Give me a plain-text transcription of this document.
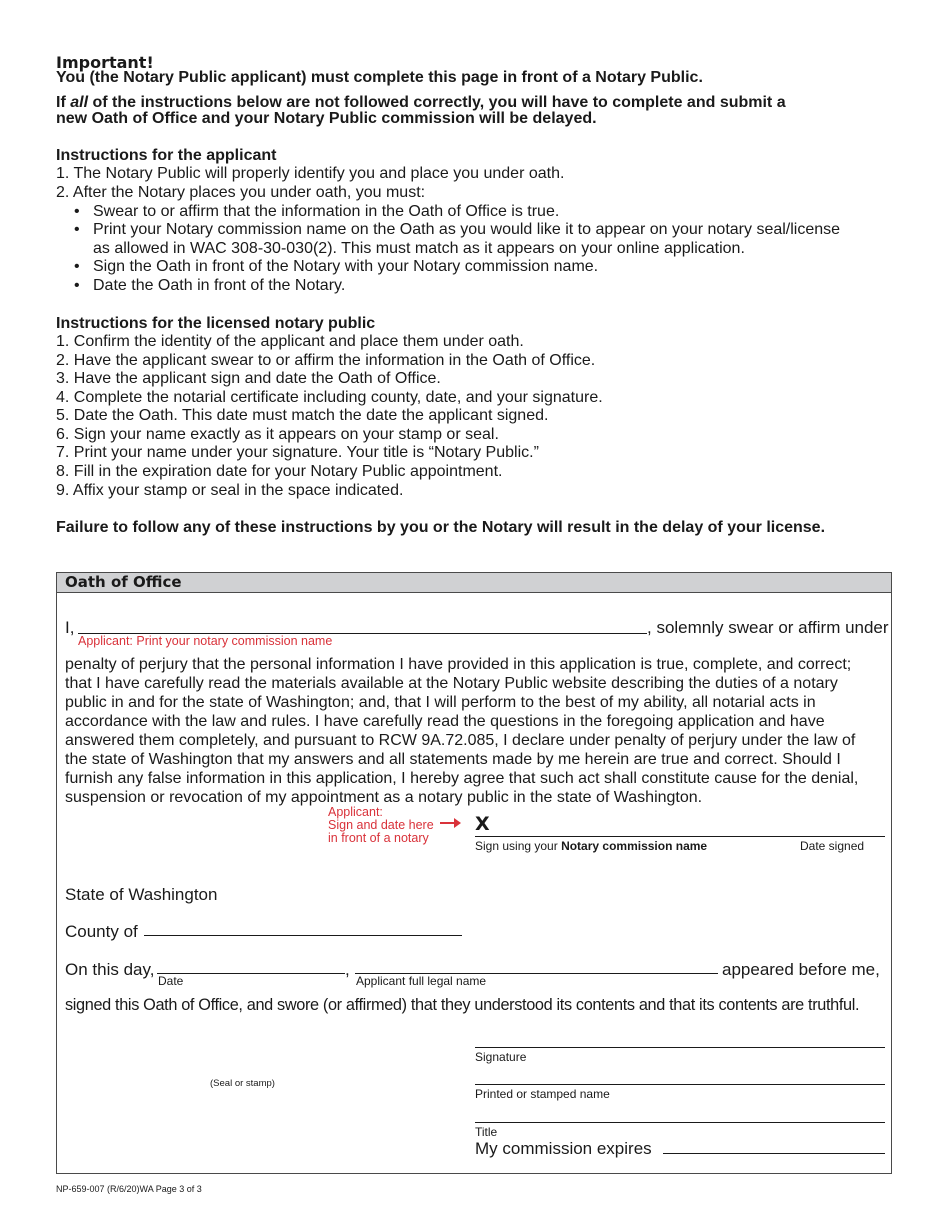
Important!
You (the Notary Public applicant) must complete this page in front of a Notary Public.
If all of the instructions below are not followed correctly, you will have to complete and submit a
new Oath of Office and your Notary Public commission will be delayed.
Instructions for the applicant
1. The Notary Public will properly identify you and place you under oath.
2. After the Notary places you under oath, you must:
• Swear to or affirm that the information in the Oath of Office is true.
• Print your Notary commission name on the Oath as you would like it to appear on your notary seal/license
as allowed in WAC 308-30-030(2). This must match as it appears on your online application.
• Sign the Oath in front of the Notary with your Notary commission name.
• Date the Oath in front of the Notary.
Instructions for the licensed notary public
1. Confirm the identity of the applicant and place them under oath.
2. Have the applicant swear to or affirm the information in the Oath of Office.
3. Have the applicant sign and date the Oath of Office.
4. Complete the notarial certificate including county, date, and your signature.
5. Date the Oath. This date must match the date the applicant signed.
6. Sign your name exactly as it appears on your stamp or seal.
7. Print your name under your signature. Your title is “Notary Public.”
8. Fill in the expiration date for your Notary Public appointment.
9. Affix your stamp or seal in the space indicated.
Failure to follow any of these instructions by you or the Notary will result in the delay of your license.
Oath of Office
I,	, solemnly swear or affirm under
Applicant: Print your notary commission name
penalty of perjury that the personal information I have provided in this application is true, complete, and correct;
that I have carefully read the materials available at the Notary Public website describing the duties of a notary
public in and for the state of Washington; and, that I will perform to the best of my ability, all notarial acts in
accordance with the law and rules. I have carefully read the questions in the foregoing application and have
answered them completely, and pursuant to RCW 9A.72.085, I declare under penalty of perjury under the law of
the state of Washington that my answers and all statements made by me herein are true and correct. Should I
furnish any false information in this application, I hereby agree that such act shall constitute cause for the denial,
suspension or revocation of my appointment as a notary public in the state of Washington.
Applicant:
Sign and date here
in front of a notary
X
Sign using your Notary commission name	Date signed
State of Washington
County of
On this day,
Date
,
Applicant full legal name
appeared before me,
signed this Oath of Office, and swore (or affirmed) that they understood its contents and that its contents are truthful.
(Seal or stamp)
Signature
Printed or stamped name
Title
My commission expires
NP-659-007 (R/6/20)WA Page 3 of 3
